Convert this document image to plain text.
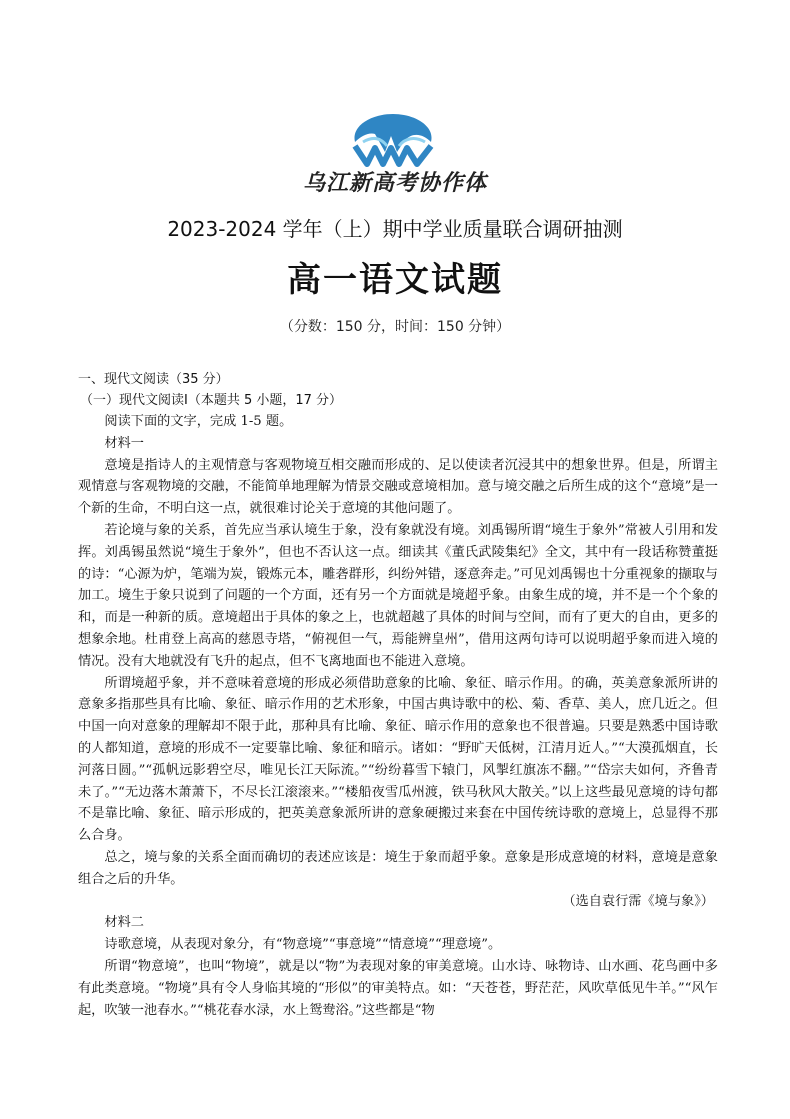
乌江新高考协作体
2023-2024 学年（上）期中学业质量联合调研抽测
高一语文试题
（分数：150 分，时间：150 分钟）

一、现代文阅读（35 分）

（一）现代文阅读Ⅰ（本题共 5 小题，17 分）

阅读下面的文字，完成 1-5 题。

材料一

意境是指诗人的主观情意与客观物境互相交融而形成的、足以使读者沉浸其中的想象世界。但是，所谓主观情意与客观物境的交融，不能简单地理解为情景交融或意境相加。意与境交融之后所生成的这个“意境”是一个新的生命，不明白这一点，就很难讨论关于意境的其他问题了。

若论境与象的关系，首先应当承认境生于象，没有象就没有境。刘禹锡所谓“境生于象外”常被人引用和发挥。刘禹锡虽然说“境生于象外”，但也不否认这一点。细读其《董氏武陵集纪》全文，其中有一段话称赞董挺的诗：“心源为炉，笔端为炭，锻炼元本，雕砻群形，纠纷舛错，逐意奔走。”可见刘禹锡也十分重视象的撷取与加工。境生于象只说到了问题的一个方面，还有另一个方面就是境超乎象。由象生成的境，并不是一个个象的和，而是一种新的质。意境超出于具体的象之上，也就超越了具体的时间与空间，而有了更大的自由，更多的想象余地。杜甫登上高高的慈恩寺塔，“俯视但一气，焉能辨皇州”，借用这两句诗可以说明超乎象而进入境的情况。没有大地就没有飞升的起点，但不飞离地面也不能进入意境。

所谓境超乎象，并不意味着意境的形成必须借助意象的比喻、象征、暗示作用。的确，英美意象派所讲的意象多指那些具有比喻、象征、暗示作用的艺术形象，中国古典诗歌中的松、菊、香草、美人，庶几近之。但中国一向对意象的理解却不限于此，那种具有比喻、象征、暗示作用的意象也不很普遍。只要是熟悉中国诗歌的人都知道，意境的形成不一定要靠比喻、象征和暗示。诸如：“野旷天低树，江清月近人。”“大漠孤烟直，长河落日圆。”“孤帆远影碧空尽，唯见长江天际流。”“纷纷暮雪下辕门，风掣红旗冻不翻。”“岱宗夫如何，齐鲁青未了。”“无边落木萧萧下，不尽长江滚滚来。”“楼船夜雪瓜州渡，铁马秋风大散关。”以上这些最见意境的诗句都不是靠比喻、象征、暗示形成的，把英美意象派所讲的意象硬搬过来套在中国传统诗歌的意境上，总显得不那么合身。

总之，境与象的关系全面而确切的表述应该是：境生于象而超乎象。意象是形成意境的材料，意境是意象组合之后的升华。

（选自袁行霈《境与象》）

材料二

诗歌意境，从表现对象分，有“物意境”“事意境”“情意境”“理意境”。

所谓“物意境”，也叫“物境”，就是以“物”为表现对象的审美意境。山水诗、咏物诗、山水画、花鸟画中多有此类意境。“物境”具有令人身临其境的“形似”的审美特点。如：“天苍苍，野茫茫，风吹草低见牛羊。”“风乍起，吹皱一池春水。”“桃花春水渌，水上鸳鸯浴。”这些都是“物
